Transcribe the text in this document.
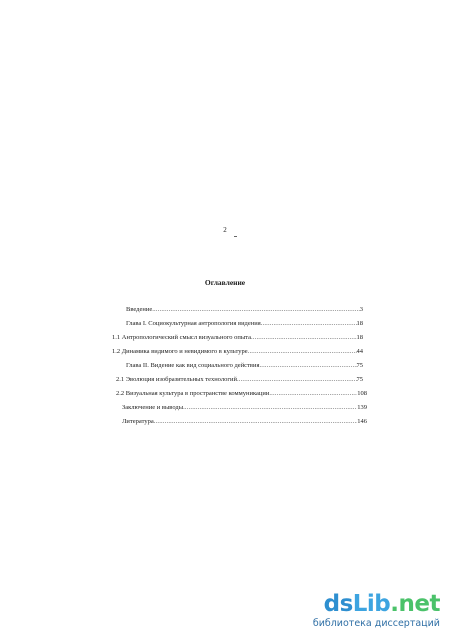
2
Оглавление
Введение .....	3
Глава I. Социокультурная антропология видения .....	18
1.1 Антропологический смысл визуального опыта .....	18
1.2 Динамика видимого и невидимого в культуре .....	44
Глава II. Видение как вид социального действия .....	75
2.1 Эволюция изобразительных технологий .....	75
2.2 Визуальная культура в пространстве коммуникации .....	108
Заключение и выводы .....	139
Литература .....	146
dsLib.net
библиотека диссертаций
